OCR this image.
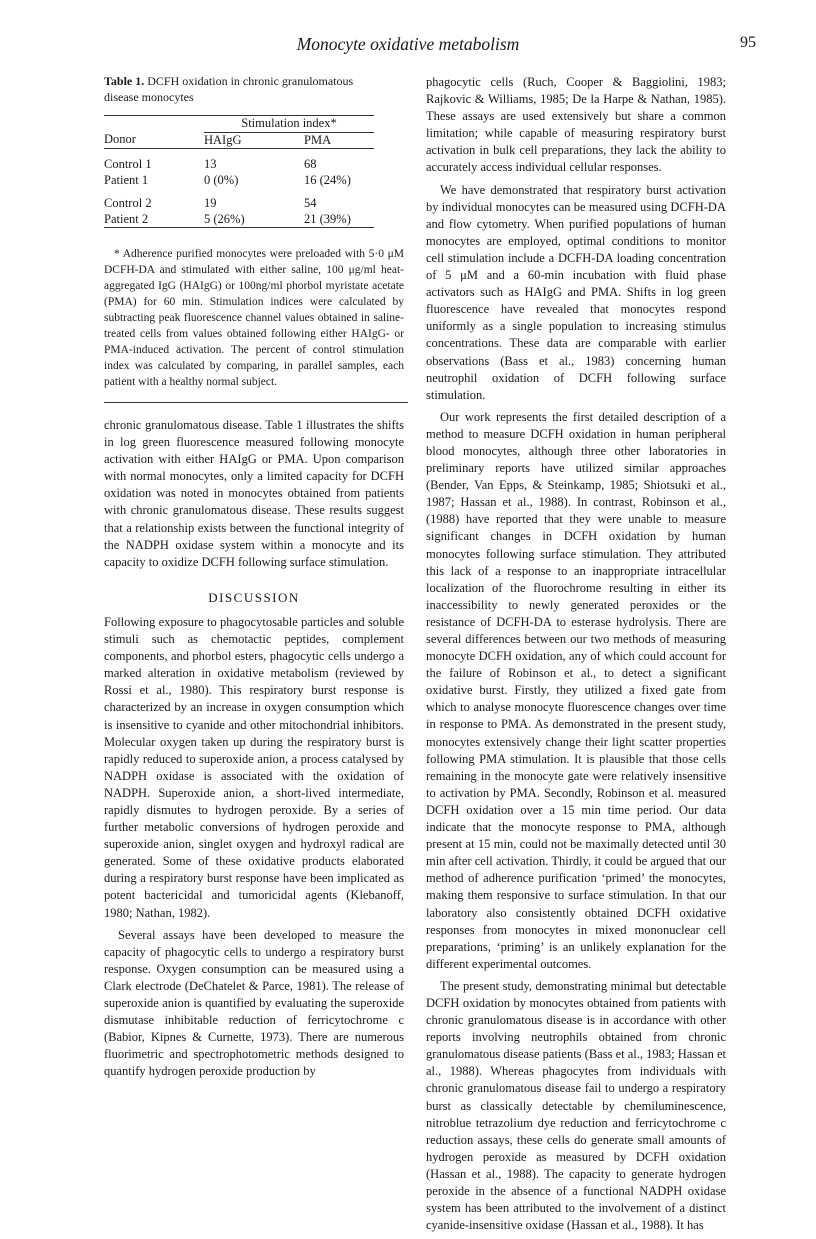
Monocyte oxidative metabolism	95
Table 1. DCFH oxidation in chronic granulomatous disease monocytes
	Stimulation index*	
Donor	HAIgG	PMA

Control 1	13	68
Patient 1	0 (0%)	16 (24%)

Control 2	19	54
Patient 2	5 (26%)	21 (39%)

* Adherence purified monocytes were preloaded with 5·0 μM DCFH-DA and stimulated with either saline, 100 μg/ml heat-aggregated IgG (HAIgG) or 100ng/ml phorbol myristate acetate (PMA) for 60 min. Stimulation indices were calculated by subtracting peak fluorescence channel values obtained in saline-treated cells from values obtained following either HAIgG- or PMA-induced activation. The percent of control stimulation index was calculated by comparing, in parallel samples, each patient with a healthy normal subject.

chronic granulomatous disease. Table 1 illustrates the shifts in log green fluorescence measured following monocyte activation with either HAIgG or PMA. Upon comparison with normal monocytes, only a limited capacity for DCFH oxidation was noted in monocytes obtained from patients with chronic granulomatous disease. These results suggest that a relationship exists between the functional integrity of the NADPH oxidase system within a monocyte and its capacity to oxidize DCFH following surface stimulation.

DISCUSSION

Following exposure to phagocytosable particles and soluble stimuli such as chemotactic peptides, complement components, and phorbol esters, phagocytic cells undergo a marked alteration in oxidative metabolism (reviewed by Rossi et al., 1980). This respiratory burst response is characterized by an increase in oxygen consumption which is insensitive to cyanide and other mitochondrial inhibitors. Molecular oxygen taken up during the respiratory burst is rapidly reduced to superoxide anion, a process catalysed by NADPH oxidase is associated with the oxidation of NADPH. Superoxide anion, a short-lived intermediate, rapidly dismutes to hydrogen peroxide. By a series of further metabolic conversions of hydrogen peroxide and superoxide anion, singlet oxygen and hydroxyl radical are generated. Some of these oxidative products elaborated during a respiratory burst response have been implicated as potent bactericidal and tumoricidal agents (Klebanoff, 1980; Nathan, 1982).

Several assays have been developed to measure the capacity of phagocytic cells to undergo a respiratory burst response. Oxygen consumption can be measured using a Clark electrode (DeChatelet & Parce, 1981). The release of superoxide anion is quantified by evaluating the superoxide dismutase inhibitable reduction of ferricytochrome c (Babior, Kipnes & Curnette, 1973). There are numerous fluorimetric and spectrophotometric methods designed to quantify hydrogen peroxide production by

phagocytic cells (Ruch, Cooper & Baggiolini, 1983; Rajkovic & Williams, 1985; De la Harpe & Nathan, 1985). These assays are used extensively but share a common limitation; while capable of measuring respiratory burst activation in bulk cell preparations, they lack the ability to accurately access individual cellular responses.

We have demonstrated that respiratory burst activation by individual monocytes can be measured using DCFH-DA and flow cytometry. When purified populations of human monocytes are employed, optimal conditions to monitor cell stimulation include a DCFH-DA loading concentration of 5 μM and a 60-min incubation with fluid phase activators such as HAIgG and PMA. Shifts in log green fluorescence have revealed that monocytes respond uniformly as a single population to increasing stimulus concentrations. These data are comparable with earlier observations (Bass et al., 1983) concerning human neutrophil oxidation of DCFH following surface stimulation.

Our work represents the first detailed description of a method to measure DCFH oxidation in human peripheral blood monocytes, although three other laboratories in preliminary reports have utilized similar approaches (Bender, Van Epps, & Steinkamp, 1985; Shiotsuki et al., 1987; Hassan et al., 1988). In contrast, Robinson et al., (1988) have reported that they were unable to measure significant changes in DCFH oxidation by human monocytes following surface stimulation. They attributed this lack of a response to an inappropriate intracellular localization of the fluorochrome resulting in either its inaccessibility to newly generated peroxides or the resistance of DCFH-DA to esterase hydrolysis. There are several differences between our two methods of measuring monocyte DCFH oxidation, any of which could account for the failure of Robinson et al., to detect a significant oxidative burst. Firstly, they utilized a fixed gate from which to analyse monocyte fluorescence changes over time in response to PMA. As demonstrated in the present study, monocytes extensively change their light scatter properties following PMA stimulation. It is plausible that those cells remaining in the monocyte gate were relatively insensitive to activation by PMA. Secondly, Robinson et al. measured DCFH oxidation over a 15 min time period. Our data indicate that the monocyte response to PMA, although present at 15 min, could not be maximally detected until 30 min after cell activation. Thirdly, it could be argued that our method of adherence purification ‘primed’ the monocytes, making them responsive to surface stimulation. In that our laboratory also consistently obtained DCFH oxidative responses from monocytes in mixed mononuclear cell preparations, ‘priming’ is an unlikely explanation for the different experimental outcomes.

The present study, demonstrating minimal but detectable DCFH oxidation by monocytes obtained from patients with chronic granulomatous disease is in accordance with other reports involving neutrophils obtained from chronic granulomatous disease patients (Bass et al., 1983; Hassan et al., 1988). Whereas phagocytes from individuals with chronic granulomatous disease fail to undergo a respiratory burst as classically detectable by chemiluminescence, nitroblue tetrazolium dye reduction and ferricytochrome c reduction assays, these cells do generate small amounts of hydrogen peroxide as measured by DCFH oxidation (Hassan et al., 1988). The capacity to generate hydrogen peroxide in the absence of a functional NADPH oxidase system has been attributed to the involvement of a distinct cyanide-insensitive oxidase (Hassan et al., 1988). It has
